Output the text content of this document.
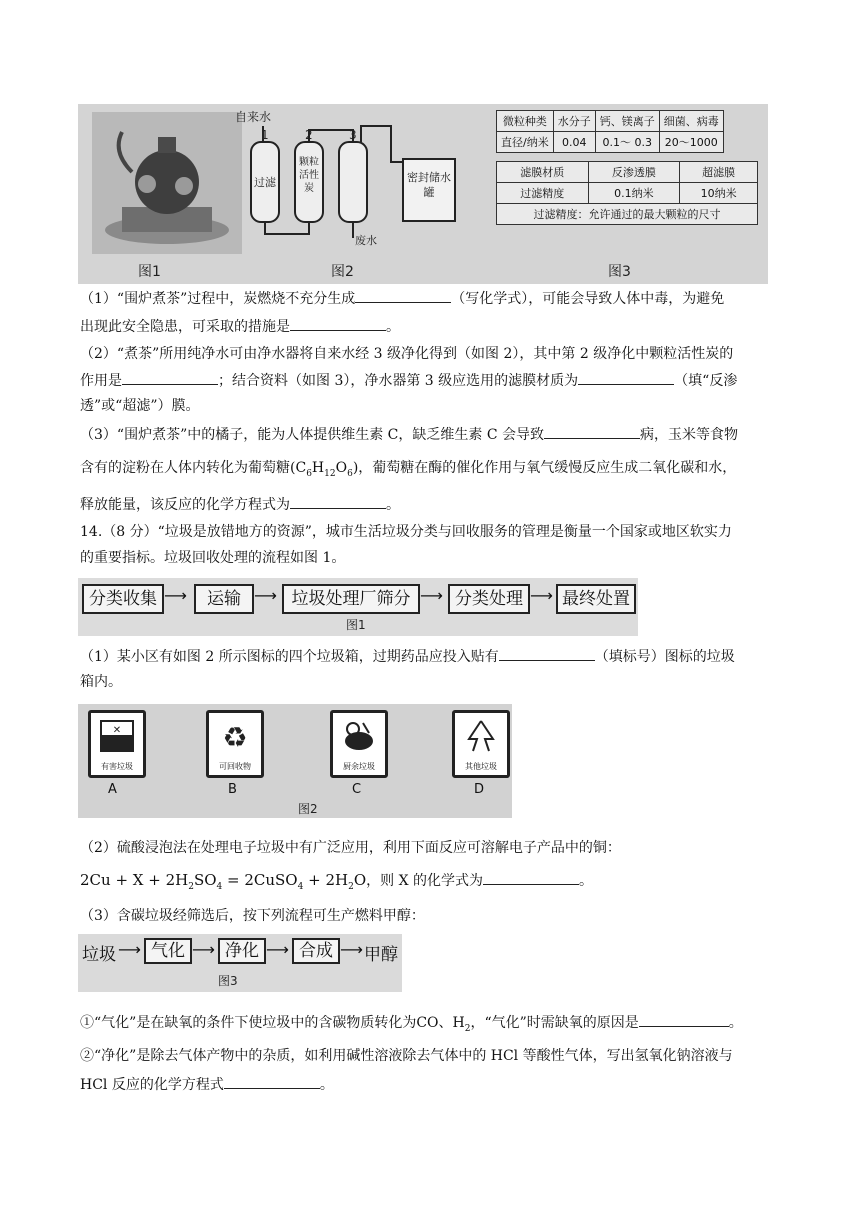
图1
自来水
1	2	3
过滤
颗粒活性炭
密封储水罐
废水
图2
微粒种类	水分子	钙、镁离子	细菌、病毒
直径/纳米	0.04	0.1～ 0.3	20～1000
滤膜材质	反渗透膜	超滤膜
过滤精度	0.1纳米	10纳米
过滤精度：允许通过的最大颗粒的尺寸		
图3
（1）“围炉煮茶”过程中，炭燃烧不充分生成	（写化学式），可能会导致人体中毒，为避免
出现此安全隐患，可采取的措施是	。
（2）“煮茶”所用纯净水可由净水器将自来水经 3 级净化得到（如图 2），其中第 2 级净化中颗粒活性炭的
作用是	；结合资料（如图 3），净水器第 3 级应选用的滤膜材质为	（填“反渗
透”或“超滤”）膜。
（3）“围炉煮茶”中的橘子，能为人体提供维生素 C，缺乏维生素 C 会导致	病，玉米等食物
含有的淀粉在人体内转化为葡萄糖$(C_6H_{12}O_6)$，葡萄糖在酶的催化作用与氧气缓慢反应生成二氧化碳和水，
释放能量，该反应的化学方程式为	。
14.（8 分）“垃圾是放错地方的资源”，城市生活垃圾分类与回收服务的管理是衡量一个国家或地区软实力
的重要指标。垃圾回收处理的流程如图 1。
分类收集 ⟶	运输 ⟶ 垃圾处理厂筛分 ⟶ 分类处理 ⟶ 最终处置
图1
（1）某小区有如图 2 所示图标的四个垃圾箱，过期药品应投入贴有	（填标号）图标的垃圾
箱内。
✕
有害垃圾
A
♻
可回收物
B
厨余垃圾
C
其他垃圾
D
图2
（2）硫酸浸泡法在处理电子垃圾中有广泛应用，利用下面反应可溶解电子产品中的铜：
$2Cu + X + 2H_2SO_4$ = 2CuSO$_4$ + $2H_2O$，则 X 的化学式为	。
（3）含碳垃圾经筛选后，按下列流程可生产燃料甲醇：
垃圾 ⟶ 气化 ⟶ 净化 ⟶ 合成 ⟶ 甲醇
图3
①“气化”是在缺氧的条件下使垃圾中的含碳物质转化为CO、$H_2$，“气化”时需缺氧的原因是	。
②“净化”是除去气体产物中的杂质，如利用碱性溶液除去气体中的 HCl 等酸性气体，写出氢氧化钠溶液与
HCl 反应的化学方程式	。
